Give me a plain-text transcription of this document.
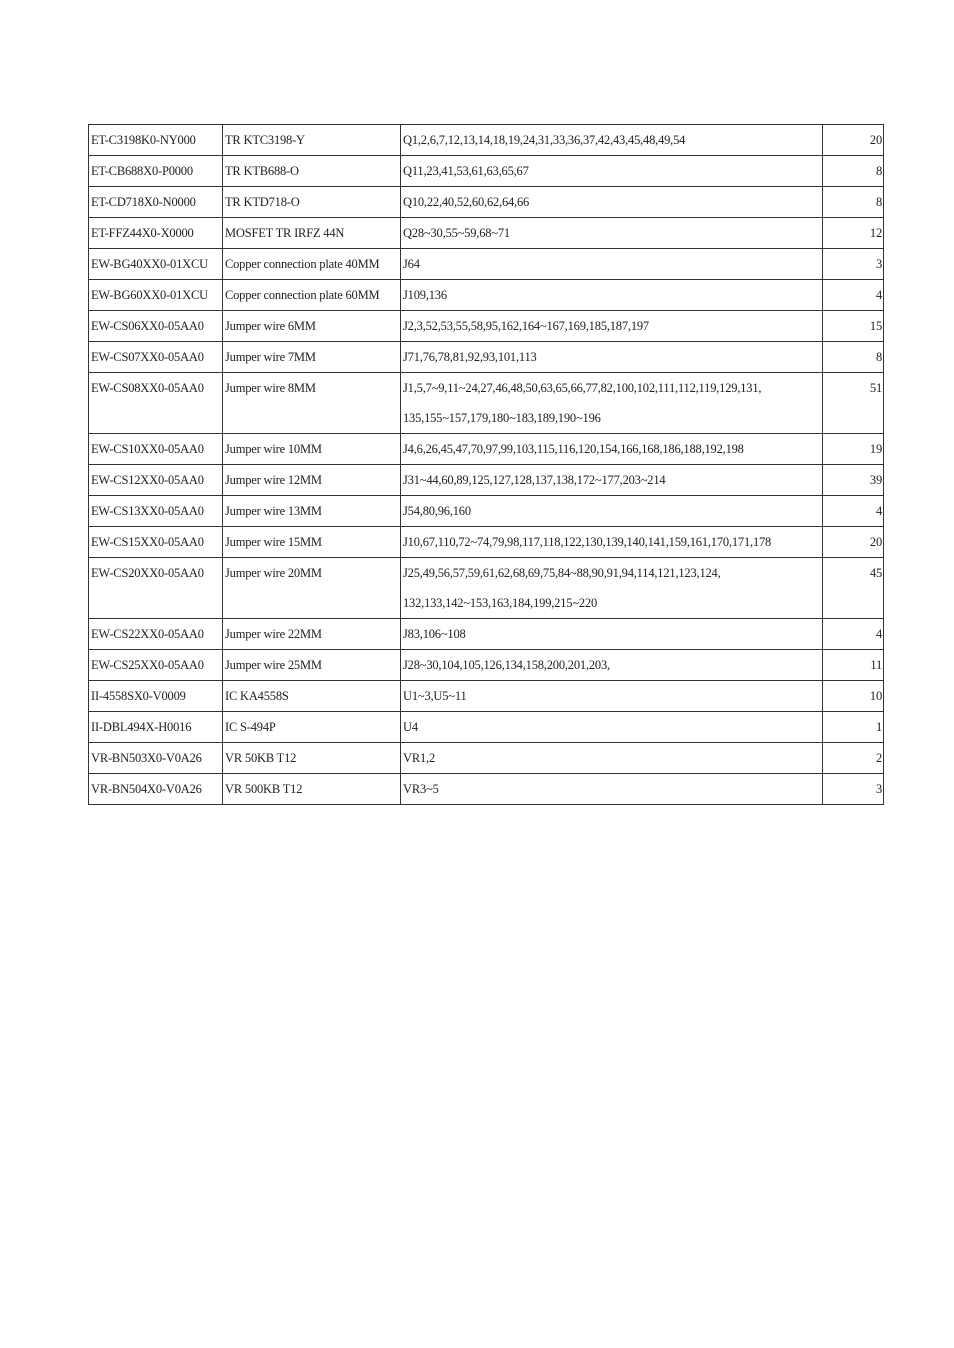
ET-C3198K0-NY000	TR KTC3198-Y	Q1,2,6,7,12,13,14,18,19,24,31,33,36,37,42,43,45,48,49,54	20
ET-CB688X0-P0000	TR KTB688-O	Q11,23,41,53,61,63,65,67	8
ET-CD718X0-N0000	TR KTD718-O	Q10,22,40,52,60,62,64,66	8
ET-FFZ44X0-X0000	MOSFET TR IRFZ 44N	Q28~30,55~59,68~71	12
EW-BG40XX0-01XCU	Copper connection plate 40MM	J64	3
EW-BG60XX0-01XCU	Copper connection plate 60MM	J109,136	4
EW-CS06XX0-05AA0	Jumper wire 6MM	J2,3,52,53,55,58,95,162,164~167,169,185,187,197	15
EW-CS07XX0-05AA0	Jumper wire 7MM	J71,76,78,81,92,93,101,113	8
EW-CS08XX0-05AA0	Jumper wire 8MM	J1,5,7~9,11~24,27,46,48,50,63,65,66,77,82,100,102,111,112,119,129,131,
135,155~157,179,180~183,189,190~196	51
EW-CS10XX0-05AA0	Jumper wire 10MM	J4,6,26,45,47,70,97,99,103,115,116,120,154,166,168,186,188,192,198	19
EW-CS12XX0-05AA0	Jumper wire 12MM	J31~44,60,89,125,127,128,137,138,172~177,203~214	39
EW-CS13XX0-05AA0	Jumper wire 13MM	J54,80,96,160	4
EW-CS15XX0-05AA0	Jumper wire 15MM	J10,67,110,72~74,79,98,117,118,122,130,139,140,141,159,161,170,171,178	20
EW-CS20XX0-05AA0	Jumper wire 20MM	J25,49,56,57,59,61,62,68,69,75,84~88,90,91,94,114,121,123,124,
132,133,142~153,163,184,199,215~220	45
EW-CS22XX0-05AA0	Jumper wire 22MM	J83,106~108	4
EW-CS25XX0-05AA0	Jumper wire 25MM	J28~30,104,105,126,134,158,200,201,203,	11
II-4558SX0-V0009	IC KA4558S	U1~3,U5~11	10
II-DBL494X-H0016	IC S-494P	U4	1
VR-BN503X0-V0A26	VR 50KB T12	VR1,2	2
VR-BN504X0-V0A26	VR 500KB T12	VR3~5	3
